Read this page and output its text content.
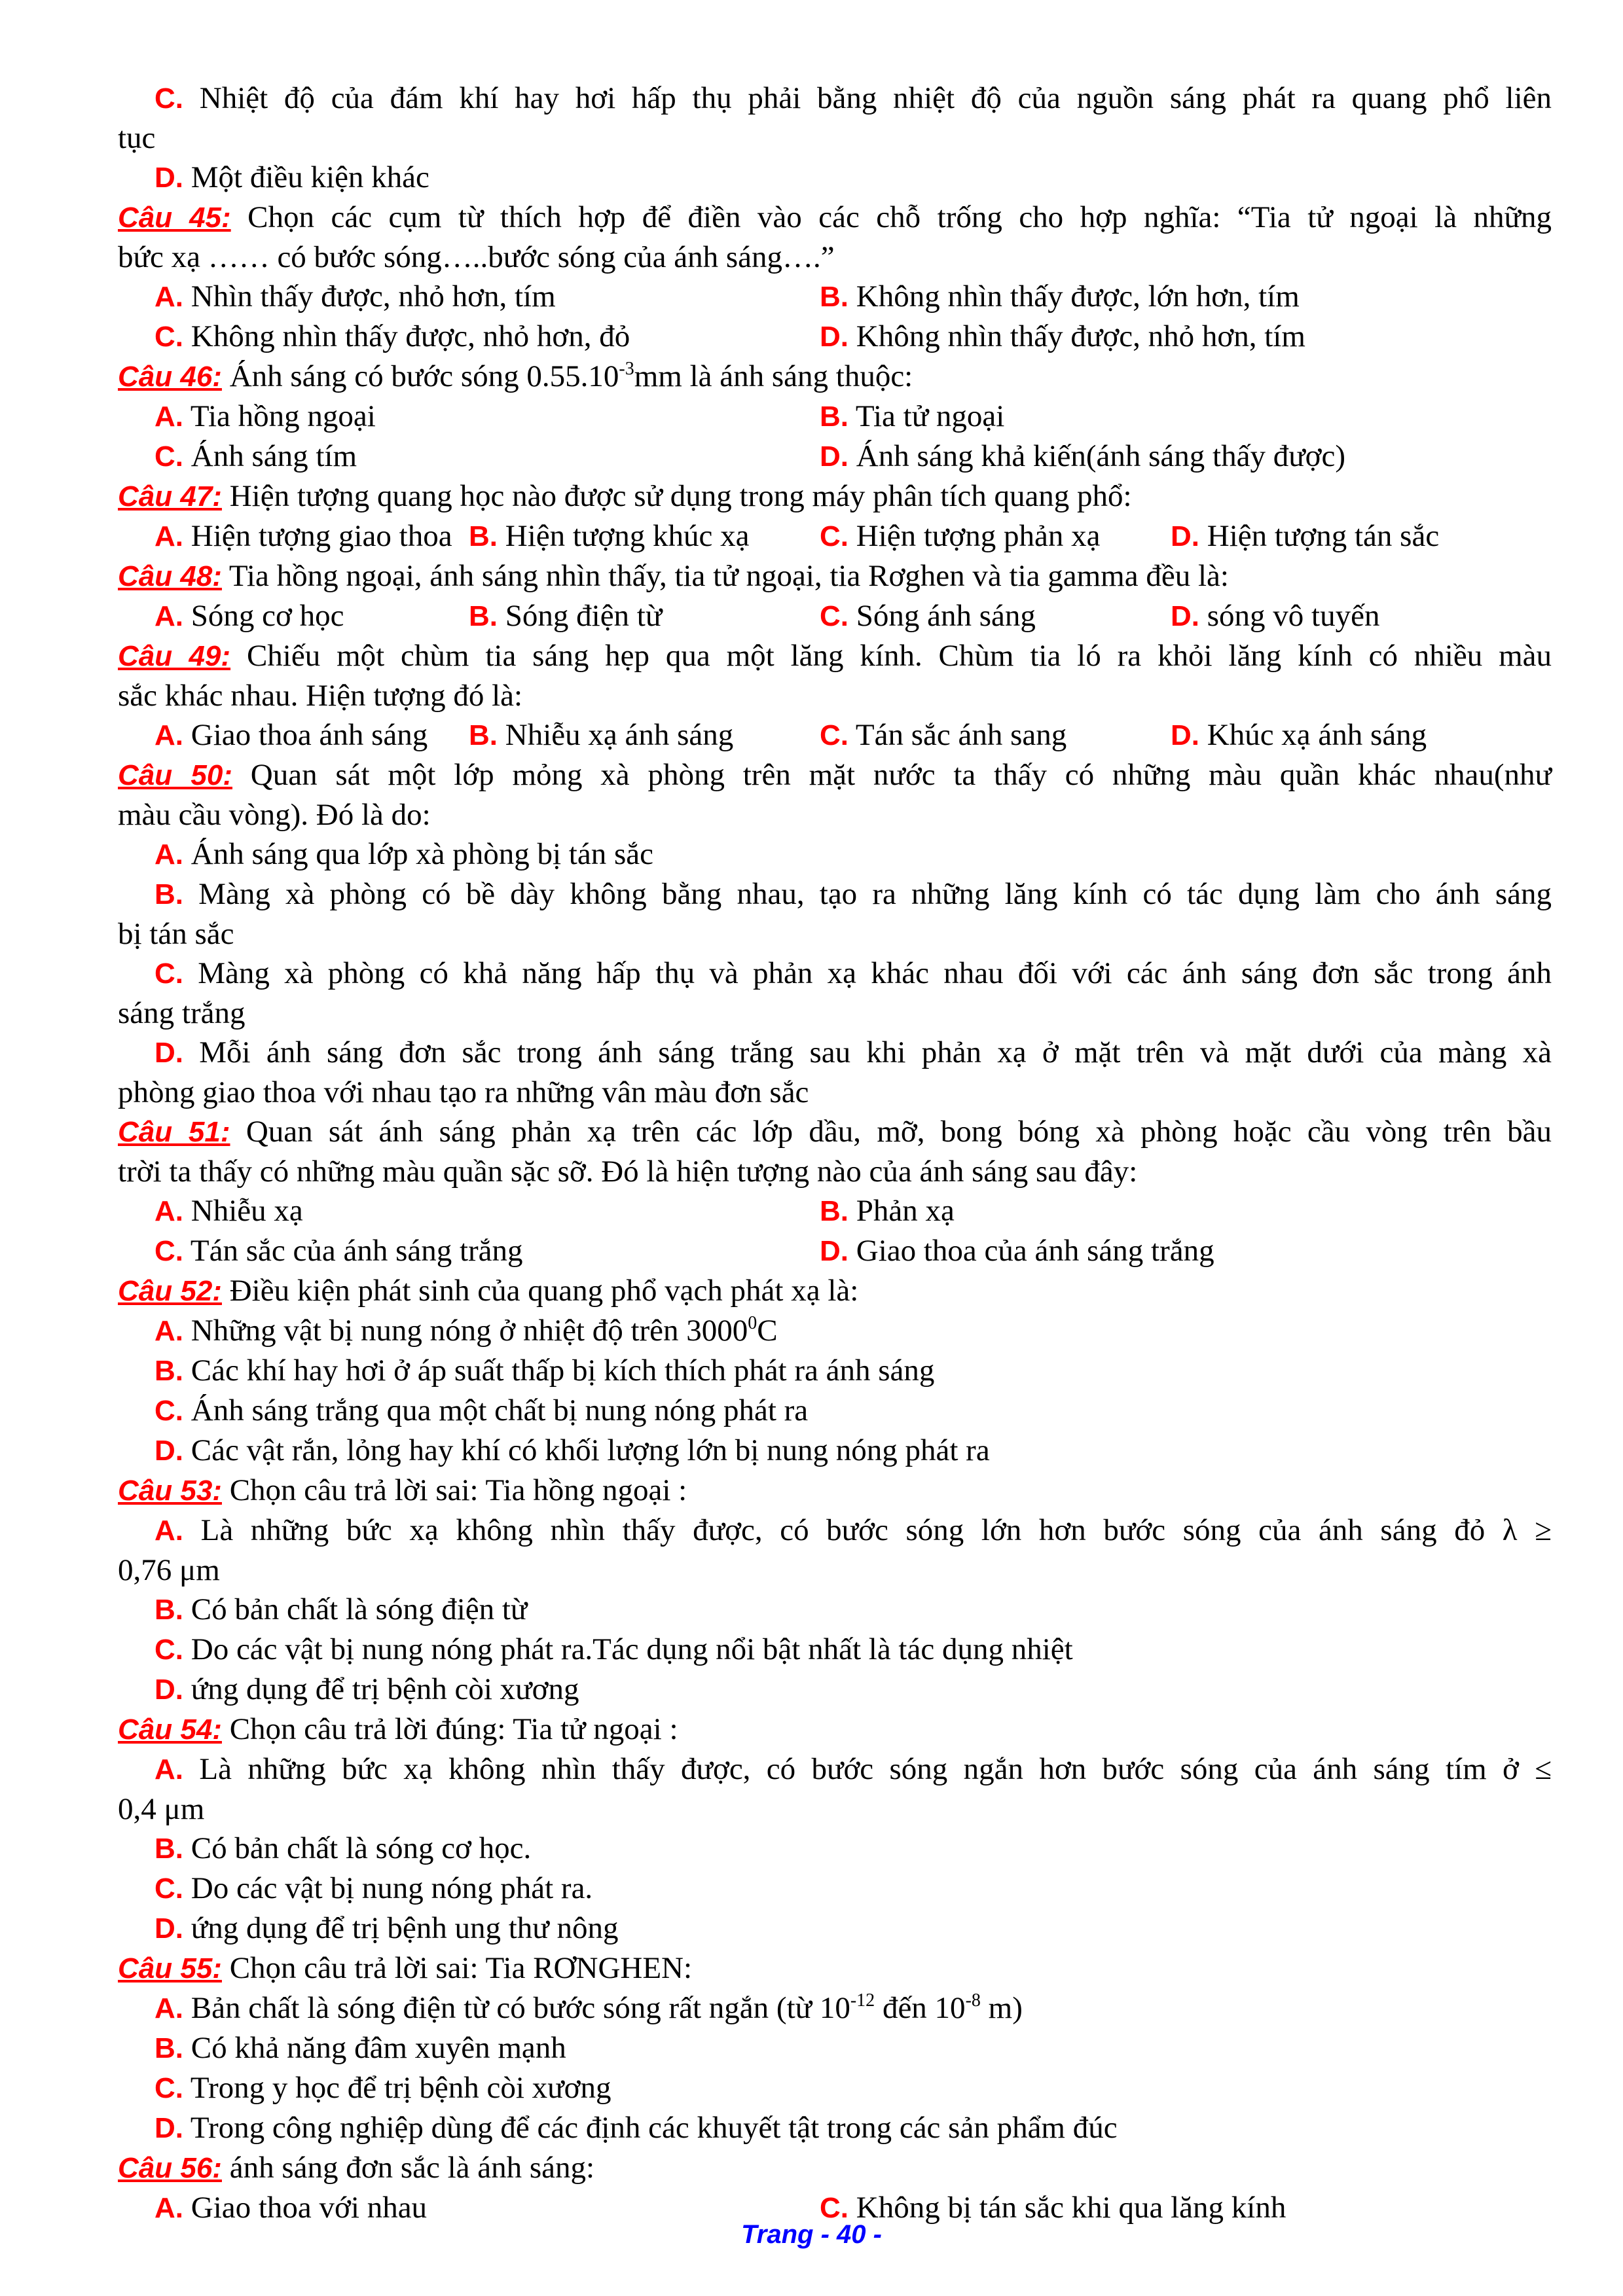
C. Nhiệt độ của đám khí hay hơi hấp thụ phải bằng nhiệt độ của nguồn sáng phát ra quang phổ liên
tục
D. Một điều kiện khác
Câu 45: Chọn các cụm từ thích hợp để điền vào các chỗ trống cho hợp nghĩa: “Tia tử ngoại là những
bức xạ …… có bước sóng…..bước sóng của ánh sáng….”
A. Nhìn thấy được, nhỏ hơn, tím	B. Không nhìn thấy được, lớn hơn, tím
C. Không nhìn thấy được, nhỏ hơn, đỏ	D. Không nhìn thấy được, nhỏ hơn, tím
Câu 46: Ánh sáng có bước sóng $0.55.10^{-3}mm$ là ánh sáng thuộc:
A. Tia hồng ngoại	B. Tia tử ngoại
C. Ánh sáng tím	D. Ánh sáng khả kiến(ánh sáng thấy được)
Câu 47: Hiện tượng quang học nào được sử dụng trong máy phân tích quang phổ:
A. Hiện tượng giao thoa B. Hiện tượng khúc xạ	C. Hiện tượng phản xạ	D. Hiện tượng tán sắc
Câu 48: Tia hồng ngoại, ánh sáng nhìn thấy, tia tử ngoại, tia Rơghen và tia gamma đều là:
A. Sóng cơ học	B. Sóng điện từ	C. Sóng ánh sáng	D. sóng vô tuyến
Câu 49: Chiếu một chùm tia sáng hẹp qua một lăng kính. Chùm tia ló ra khỏi lăng kính có nhiều màu
sắc khác nhau. Hiện tượng đó là:
A. Giao thoa ánh sáng	B. Nhiễu xạ ánh sáng	C. Tán sắc ánh sang	D. Khúc xạ ánh sáng
Câu 50: Quan sát một lớp mỏng xà phòng trên mặt nước ta thấy có những màu quần khác nhau(như
màu cầu vòng). Đó là do:
A. Ánh sáng qua lớp xà phòng bị tán sắc
B. Màng xà phòng có bề dày không bằng nhau, tạo ra những lăng kính có tác dụng làm cho ánh sáng
bị tán sắc
C. Màng xà phòng có khả năng hấp thụ và phản xạ khác nhau đối với các ánh sáng đơn sắc trong ánh
sáng trắng
D. Mỗi ánh sáng đơn sắc trong ánh sáng trắng sau khi phản xạ ở mặt trên và mặt dưới của màng xà
phòng giao thoa với nhau tạo ra những vân màu đơn sắc
Câu 51: Quan sát ánh sáng phản xạ trên các lớp dầu, mỡ, bong bóng xà phòng hoặc cầu vòng trên bầu
trời ta thấy có những màu quần sặc sỡ. Đó là hiện tượng nào của ánh sáng sau đây:
A. Nhiễu xạ	B. Phản xạ
C. Tán sắc của ánh sáng trắng	D. Giao thoa của ánh sáng trắng
Câu 52: Điều kiện phát sinh của quang phổ vạch phát xạ là:
A. Những vật bị nung nóng ở nhiệt độ trên 3000$^0$C
B. Các khí hay hơi ở áp suất thấp bị kích thích phát ra ánh sáng
C. Ánh sáng trắng qua một chất bị nung nóng phát ra
D. Các vật rắn, lỏng hay khí có khối lượng lớn bị nung nóng phát ra
Câu 53: Chọn câu trả lời sai: Tia hồng ngoại :
A. Là những bức xạ không nhìn thấy được, có bước sóng lớn hơn bước sóng của ánh sáng đỏ λ ≥
0,76 μm
B. Có bản chất là sóng điện từ
C. Do các vật bị nung nóng phát ra.Tác dụng nổi bật nhất là tác dụng nhiệt
D. ứng dụng để trị bệnh còi xương
Câu 54: Chọn câu trả lời đúng: Tia tử ngoại :
A. Là những bức xạ không nhìn thấy được, có bước sóng ngắn hơn bước sóng của ánh sáng tím ở ≤
0,4 μm
B. Có bản chất là sóng cơ học.
C. Do các vật bị nung nóng phát ra.
D. ứng dụng để trị bệnh ung thư nông
Câu 55: Chọn câu trả lời sai: Tia RƠNGHEN:
A. Bản chất là sóng điện từ có bước sóng rất ngắn (từ $10^{-12}$ đến $10^{-8}$ m)
B. Có khả năng đâm xuyên mạnh
C. Trong y học để trị bệnh còi xương
D. Trong công nghiệp dùng để các định các khuyết tật trong các sản phẩm đúc
Câu 56: ánh sáng đơn sắc là ánh sáng:
A. Giao thoa với nhau	C. Không bị tán sắc khi qua lăng kính
Trang - 40 -
